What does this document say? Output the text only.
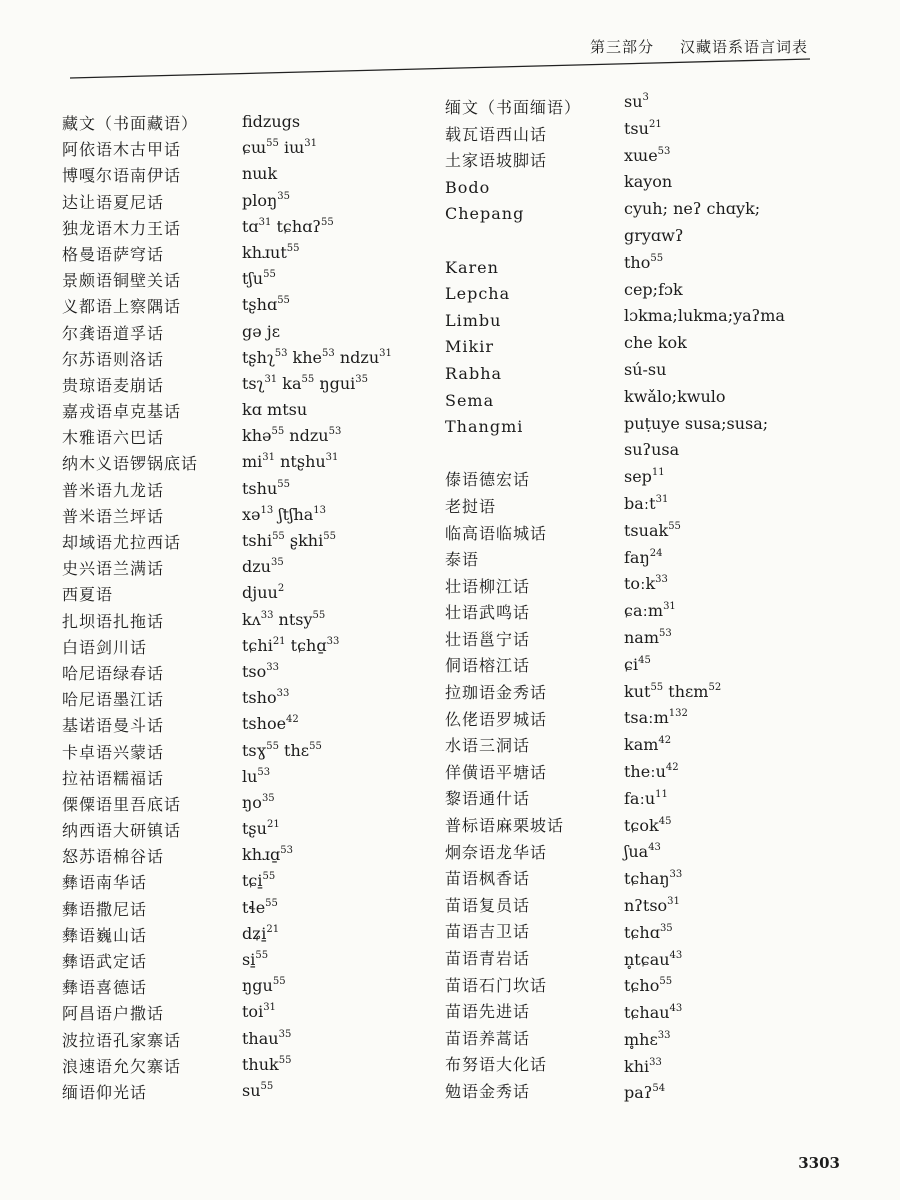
第三部分 汉藏语系语言词表
藏文（书面藏语）
阿依语木古甲话
博嘎尔语南伊话
达让语夏尼话
独龙语木力王话
格曼语萨穹话
景颇语铜壁关话
义都语上察隅话
尔龚语道孚话
尔苏语则洛话
贵琼语麦崩话
嘉戎语卓克基话
木雅语六巴话
纳木义语锣锅底话
普米语九龙话
普米语兰坪话
却域语尤拉西话
史兴语兰满话
西夏语
扎坝语扎拖话
白语剑川话
哈尼语绿春话
哈尼语墨江话
基诺语曼斗话
卡卓语兴蒙话
拉祜语糯福话
傈僳语里吾底话
纳西语大研镇话
怒苏语棉谷话
彝语南华话
彝语撒尼话
彝语巍山话
彝语武定话
彝语喜德话
阿昌语户撒话
波拉语孔家寨话
浪速语允欠寨话
缅语仰光话
fidzugs
ɕɯ$^{55}$ iɯ$^{31}$
nɯk
ploŋ$^{35}$
tɑ$^{31}$ tɕhɑʔ$^{55}$
khɹut$^{55}$
tʃu$^{55}$
tʂhɑ$^{55}$
gə jɛ
tʂhʅ$^{53}$ khe$^{53}$ ndzu$^{31}$
tsʅ$^{31}$ $ka^{55}$ ŋgui$^{35}$
kɑ mtsu
khə$^{55}$ ndzu$^{53}$
$mi^{31}$ ntʂhu$^{31}$
tshu$^{55}$
xə$^{13}$ ʃtʃha$^{13}$
tshi$^{55}$ ʂkhi$^{55}$
dzu$^{35}$
djuu$^2$
kʌ$^{33}$ ntsy$^{55}$
tɕhi$^{21}$ tɕhɑ̱$^{33}$
tso$^{33}$
tsho$^{33}$
tshoe$^{42}$
tsɣ$^{55}$ thɛ$^{55}$
$lu^{53}$
$ŋo^{35}$
tʂu$^{21}$
khɹɑ̱$^{53}$
tɕi̱$^{55}$
tɬe$^{55}$
dʑi̱$^{21}$
si̱$^{55}$
ŋgu$^{55}$
toi$^{31}$
thau$^{35}$
thuk$^{55}$
$su^{55}$
缅文（书面缅语）
载瓦语西山话
土家语坡脚话
Bodo
Chepang
Karen
Lepcha
Limbu
Mikir
Rabha
Sema
Thangmi
傣语德宏话
老挝语
临高语临城话
泰语
壮语柳江话
壮语武鸣话
壮语邕宁话
侗语榕江话
拉珈语金秀话
仫佬语罗城话
水语三洞话
佯僙语平塘话
黎语通什话
普标语麻栗坡话
炯奈语龙华话
苗语枫香话
苗语复员话
苗语吉卫话
苗语青岩话
苗语石门坎话
苗语先进话
苗语养蒿话
布努语大化话
勉语金秀话
$su^3$
tsu$^{21}$
xɯe$^{53}$
kayon
cyuh; neʔ chɑyk;
gryɑwʔ
tho$^{55}$
cep;fɔk
lɔkma;lukma;yaʔma
che kok
sú-su
kwǎlo;kwulo
puṭuye susa;susa;
suʔusa
sep$^{11}$
baːt$^{31}$
tsuak$^{55}$
faŋ$^{24}$
toːk$^{33}$
ɕaːm$^{31}$
nam$^{53}$
ɕi$^{45}$
kut$^{55}$ thɛm$^{52}$
tsaːm$^{132}$
kam$^{42}$
theːu$^{42}$
faːu$^{11}$
tɕok$^{45}$
ʃua$^{43}$
tɕhaŋ$^{33}$
nʔtso$^{31}$
tɕhɑ$^{35}$
n̥tɕau$^{43}$
tɕho$^{55}$
tɕhau$^{43}$
m̥hɛ$^{33}$
khi$^{33}$
paʔ$^{54}$
3303
